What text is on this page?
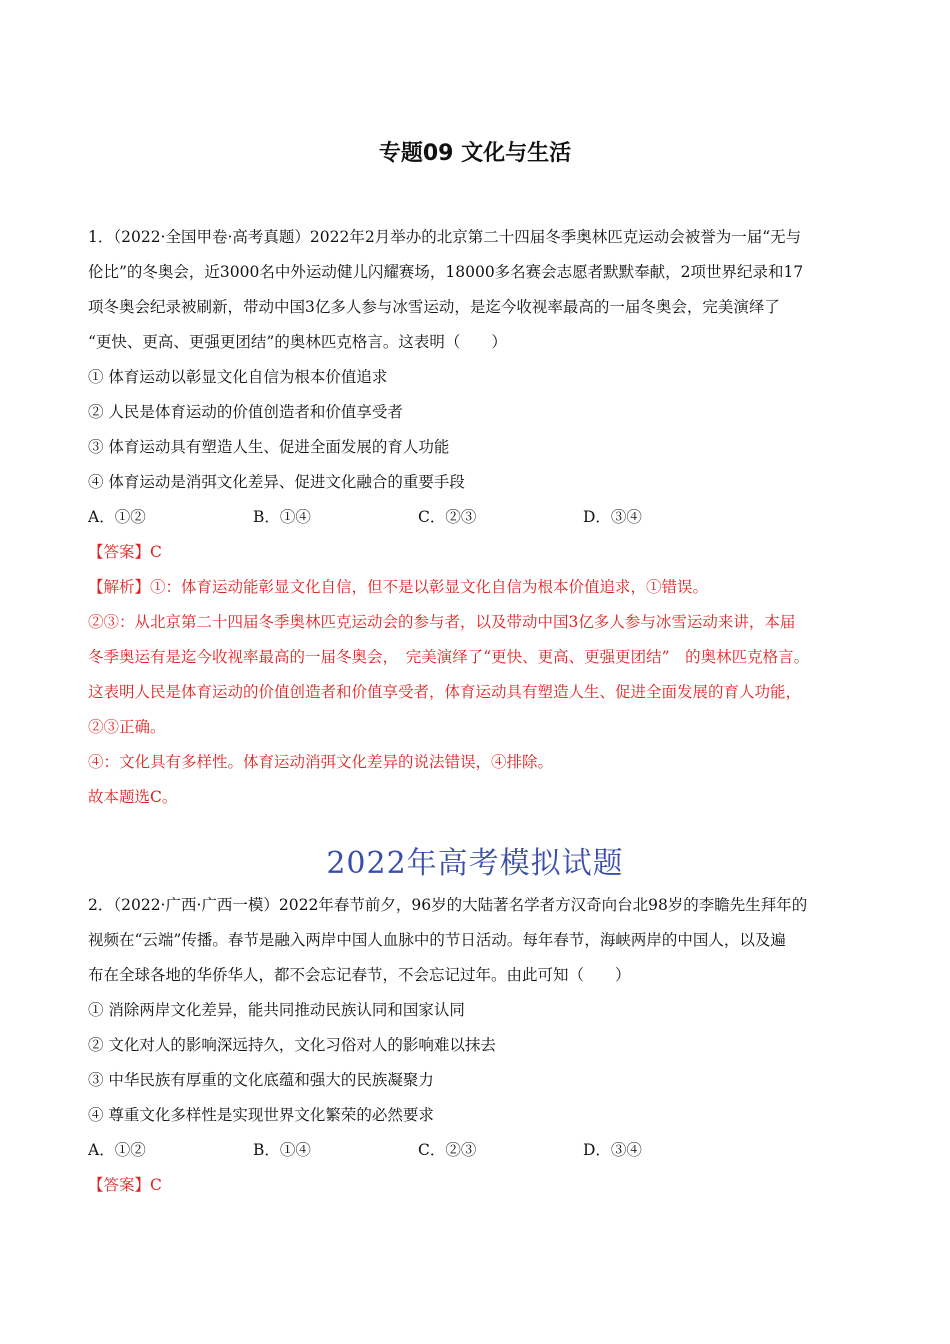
专题09 文化与生活
1．（2022·全国甲卷·高考真题）2022年2月举办的北京第二十四届冬季奥林匹克运动会被誉为一届“无与
伦比”的冬奥会，近3000名中外运动健儿闪耀赛场，18000多名赛会志愿者默默奉献，2项世界纪录和17
项冬奥会纪录被刷新，带动中国3亿多人参与冰雪运动，是迄今收视率最高的一届冬奥会，完美演绎了
“更快、更高、更强更团结”的奥林匹克格言。这表明（　　）
① 体育运动以彰显文化自信为根本价值追求
② 人民是体育运动的价值创造者和价值享受者
③ 体育运动具有塑造人生、促进全面发展的育人功能
④ 体育运动是消弭文化差异、促进文化融合的重要手段
A．①②	B．①④	C．②③	D．③④
【答案】C
【解析】①：体育运动能彰显文化自信，但不是以彰显文化自信为根本价值追求，①错误。
②③：从北京第二十四届冬季奥林匹克运动会的参与者，以及带动中国3亿多人参与冰雪运动来讲，本届
冬季奥运有是迄今收视率最高的一届冬奥会，　完美演绎了“更快、更高、更强更团结”　的奥林匹克格言。
这表明人民是体育运动的价值创造者和价值享受者，体育运动具有塑造人生、促进全面发展的育人功能，
②③正确。
④：文化具有多样性。体育运动消弭文化差异的说法错误，④排除。
故本题选C。
2022年高考模拟试题
2．（2022·广西·广西一模）2022年春节前夕，96岁的大陆著名学者方汉奇向台北98岁的李瞻先生拜年的
视频在“云端”传播。春节是融入两岸中国人血脉中的节日活动。每年春节，海峡两岸的中国人，以及遍
布在全球各地的华侨华人，都不会忘记春节，不会忘记过年。由此可知（　　）
① 消除两岸文化差异，能共同推动民族认同和国家认同
② 文化对人的影响深远持久，文化习俗对人的影响难以抹去
③ 中华民族有厚重的文化底蕴和强大的民族凝聚力
④ 尊重文化多样性是实现世界文化繁荣的必然要求
A．①②	B．①④	C．②③	D．③④
【答案】C
